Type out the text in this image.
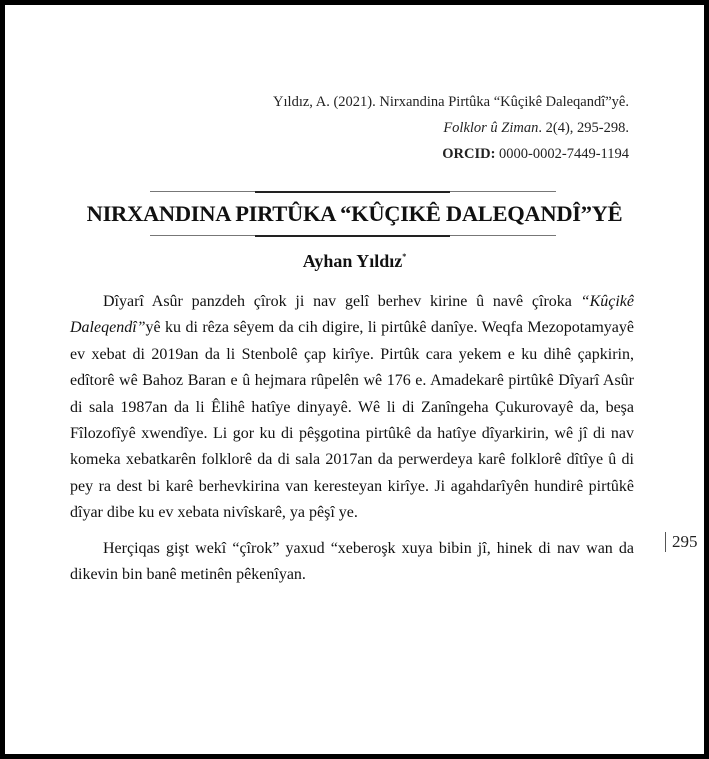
Yıldız, A. (2021). Nirxandina Pirtûka “Kûçikê Daleqandî”yê.
Folklor û Ziman. 2(4), 295-298.
ORCID: 0000-0002-7449-1194
NIRXANDINA PIRTÛKA “KÛÇIKÊ DALEQANDÎ”YÊ
Ayhan Yıldız*

Dîyarî Asûr panzdeh çîrok ji nav gelî berhev kirine û navê çîroka “Kûçikê Daleqendî”yê ku di rêza sêyem da cih digire, li pirtûkê danîye. Weqfa Mezopotamyayê ev xebat di 2019an da li Stenbolê çap kirîye. Pirtûk cara yekem e ku dihê çapkirin, edîtorê wê Bahoz Baran e û hejmara rûpelên wê 176 e. Amadekarê pirtûkê Dîyarî Asûr di sala 1987an da li Êlihê hatîye dinyayê. Wê li di Zanîngeha Çukurovayê da, beşa Fîlozofîyê xwendîye. Li gor ku di pêşgotina pirtûkê da hatîye dîyarkirin, wê jî di nav komeka xebatkarên folklorê da di sala 2017an da perwerdeya karê folklorê dîtîye û di pey ra dest bi karê berhevkirina van keresteyan kirîye. Ji agahdarîyên hundirê pirtûkê dîyar dibe ku ev xebata nivîskarê, ya pêşî ye.

Herçiqas gişt wekî “çîrok” yaxud “xeberoşk xuya bibin jî, hinek di nav wan da dikevin bin banê metinên pêkenîyan.

295
